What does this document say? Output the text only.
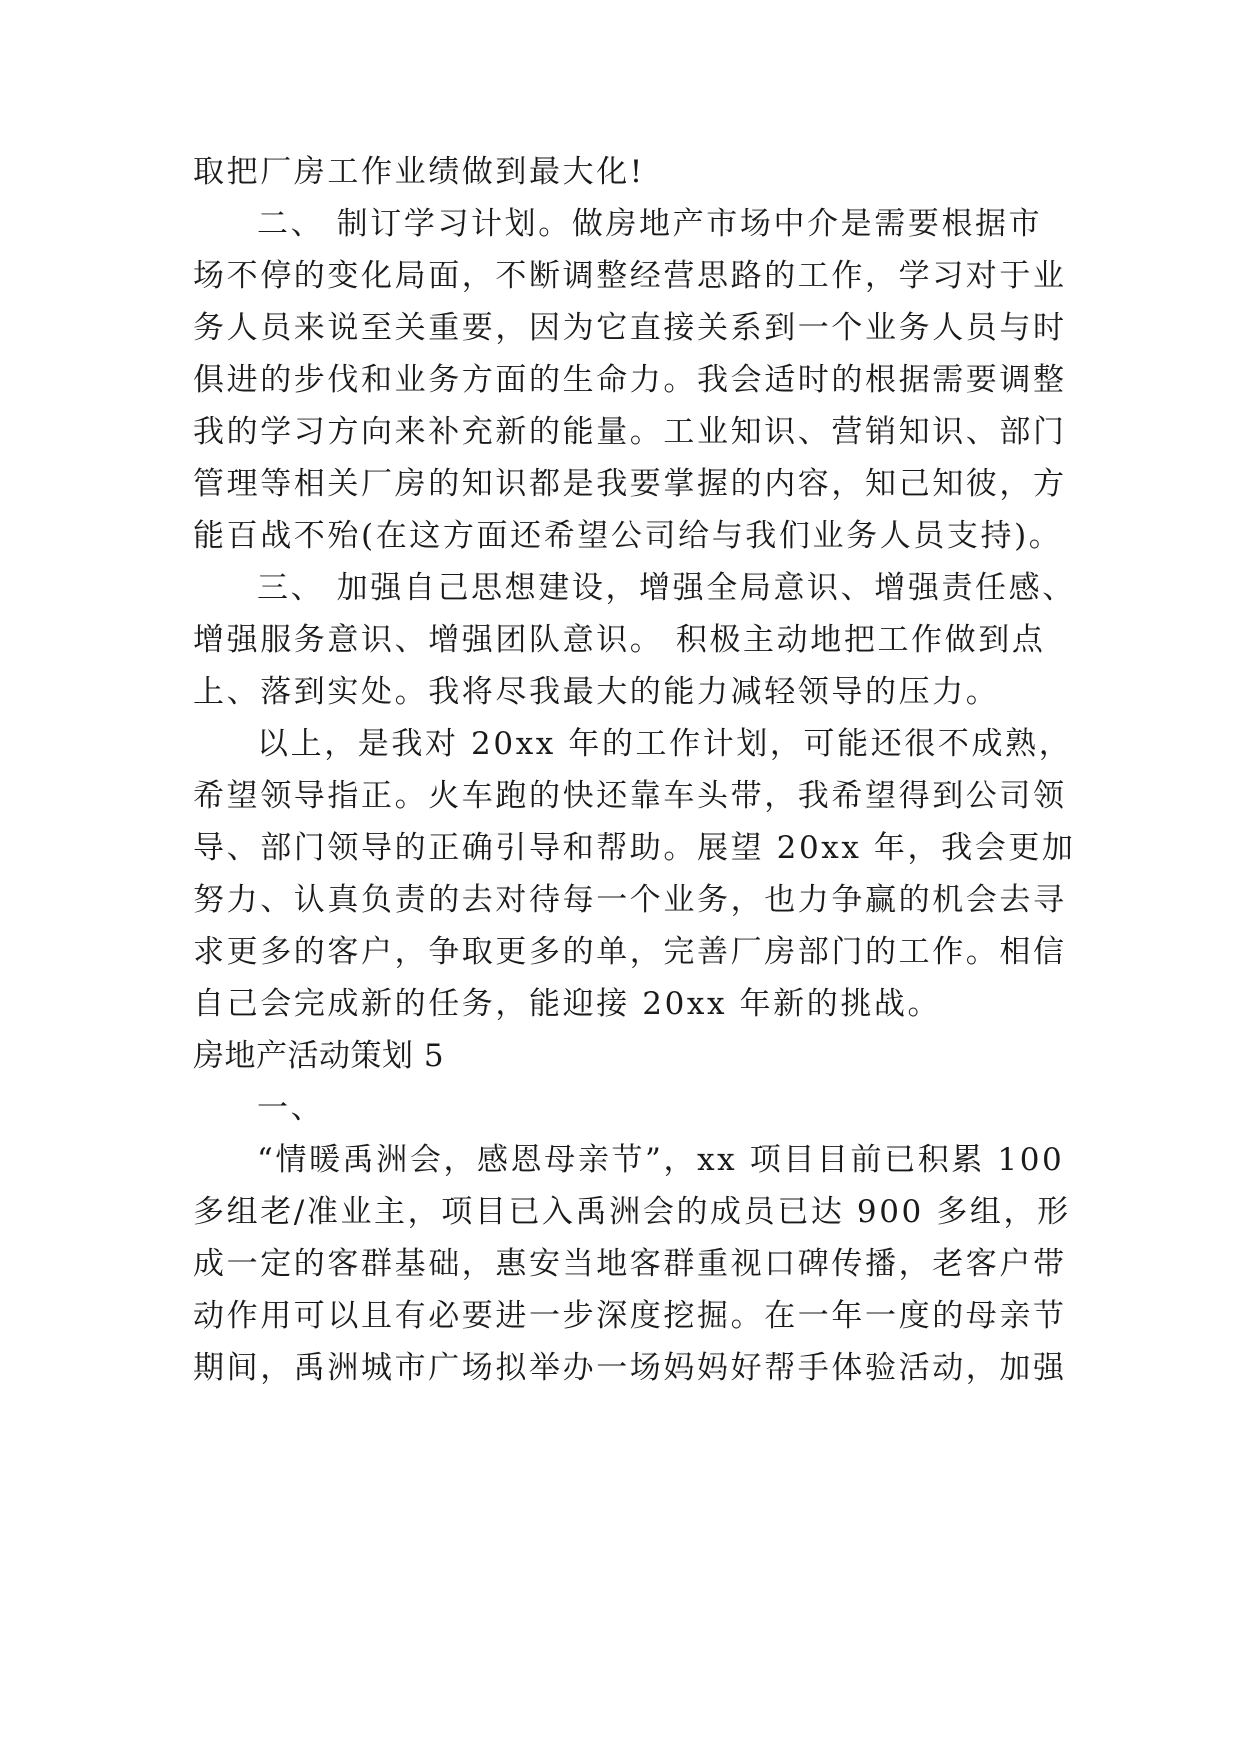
取把厂房工作业绩做到最大化!
二、 制订学习计划。做房地产市场中介是需要根据市
场不停的变化局面，不断调整经营思路的工作，学习对于业
务人员来说至关重要，因为它直接关系到一个业务人员与时
俱进的步伐和业务方面的生命力。我会适时的根据需要调整
我的学习方向来补充新的能量。工业知识、营销知识、部门
管理等相关厂房的知识都是我要掌握的内容，知己知彼，方
能百战不殆(在这方面还希望公司给与我们业务人员支持)。
三、 加强自己思想建设，增强全局意识、增强责任感、
增强服务意识、增强团队意识。 积极主动地把工作做到点
上、落到实处。我将尽我最大的能力减轻领导的压力。
以上，是我对 20xx 年的工作计划，可能还很不成熟，
希望领导指正。火车跑的快还靠车头带，我希望得到公司领
导、部门领导的正确引导和帮助。展望 20xx 年，我会更加
努力、认真负责的去对待每一个业务，也力争赢的机会去寻
求更多的客户，争取更多的单，完善厂房部门的工作。相信
自己会完成新的任务，能迎接 20xx 年新的挑战。
房地产活动策划 5
一、
“情暖禹洲会，感恩母亲节”，xx 项目目前已积累 100
多组老/准业主，项目已入禹洲会的成员已达 900 多组，形
成一定的客群基础，惠安当地客群重视口碑传播，老客户带
动作用可以且有必要进一步深度挖掘。在一年一度的母亲节
期间，禹洲城市广场拟举办一场妈妈好帮手体验活动，加强
